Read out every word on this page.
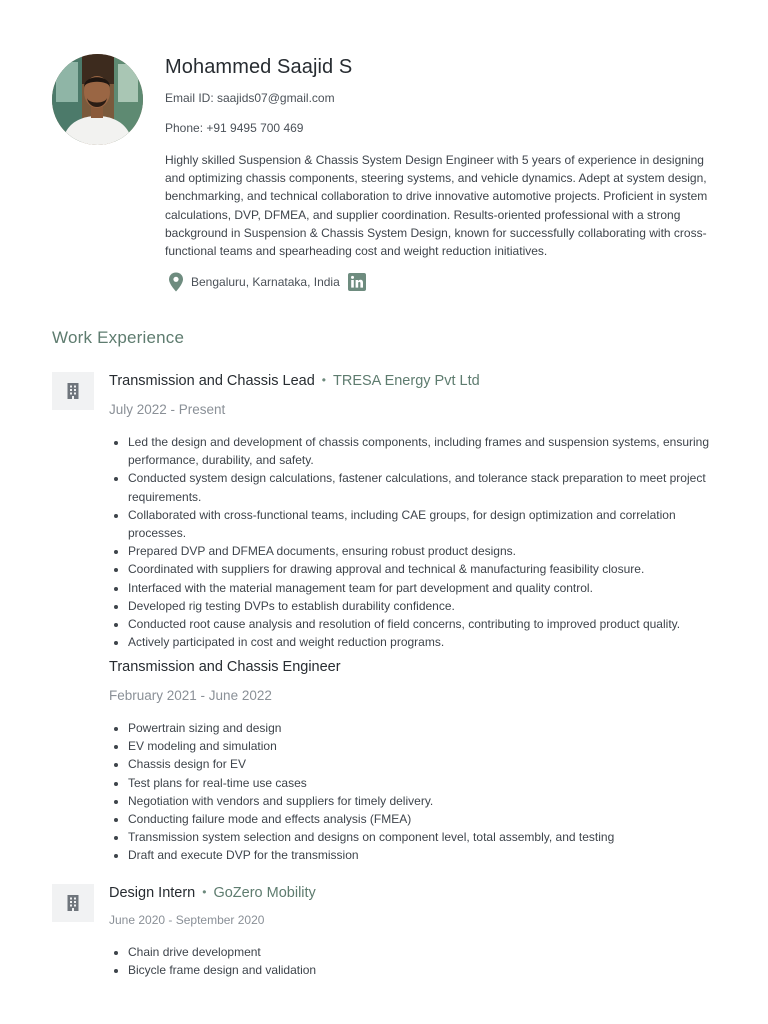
Mohammed Saajid S

Email ID: saajids07@gmail.com

Phone: +91 9495 700 469

Highly skilled Suspension & Chassis System Design Engineer with 5 years of experience in designing and optimizing chassis components, steering systems, and vehicle dynamics. Adept at system design, benchmarking, and technical collaboration to drive innovative automotive projects. Proficient in system calculations, DVP, DFMEA, and supplier coordination. Results-oriented professional with a strong background in Suspension & Chassis System Design, known for successfully collaborating with cross-functional teams and spearheading cost and weight reduction initiatives.

Bengaluru, Karnataka, India
Work Experience
Transmission and Chassis Lead • TRESA Energy Pvt Ltd

July 2022 - Present

• Led the design and development of chassis components, including frames and suspension systems, ensuring performance, durability, and safety.
• Conducted system design calculations, fastener calculations, and tolerance stack preparation to meet project requirements.
• Collaborated with cross-functional teams, including CAE groups, for design optimization and correlation processes.
• Prepared DVP and DFMEA documents, ensuring robust product designs.
• Coordinated with suppliers for drawing approval and technical & manufacturing feasibility closure.
• Interfaced with the material management team for part development and quality control.
• Developed rig testing DVPs to establish durability confidence.
• Conducted root cause analysis and resolution of field concerns, contributing to improved product quality.
• Actively participated in cost and weight reduction programs.
Transmission and Chassis Engineer

February 2021 - June 2022

• Powertrain sizing and design
• EV modeling and simulation
• Chassis design for EV
• Test plans for real-time use cases
• Negotiation with vendors and suppliers for timely delivery.
• Conducting failure mode and effects analysis (FMEA)
• Transmission system selection and designs on component level, total assembly, and testing
• Draft and execute DVP for the transmission
Design Intern • GoZero Mobility

June 2020 - September 2020

• Chain drive development
• Bicycle frame design and validation
